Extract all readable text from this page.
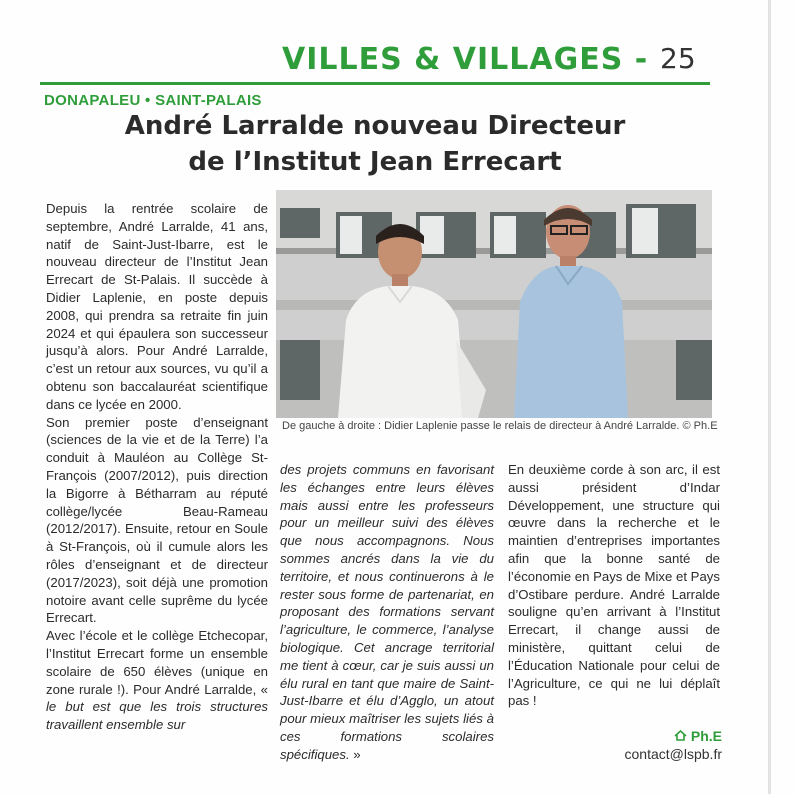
VILLES & VILLAGES - 25
DONAPALEU • SAINT-PALAIS
André Larralde nouveau Directeur
de l’Institut Jean Errecart

Depuis la rentrée scolaire de septembre, André Larralde, 41 ans, natif de Saint-Just-Ibarre, est le nouveau directeur de l’Institut Jean Errecart de St-Palais. Il succède à Didier Laplenie, en poste depuis 2008, qui prendra sa retraite fin juin 2024 et qui épaulera son successeur jusqu’à alors. Pour André Larralde, c’est un retour aux sources, vu qu’il a obtenu son baccalauréat scientifique dans ce lycée en 2000.

Son premier poste d’enseignant (sciences de la vie et de la Terre) l’a conduit à Mauléon au Collège St-François (2007/2012), puis direction la Bigorre à Bétharram au réputé collège/lycée Beau-Rameau (2012/2017). Ensuite, retour en Soule à St-François, où il cumule alors les rôles d’enseignant et de directeur (2017/2023), soit déjà une promotion notoire avant celle suprême du lycée Errecart.

Avec l’école et le collège Etchecopar, l’Institut Errecart forme un ensemble scolaire de 650 élèves (unique en zone rurale !). Pour André Larralde, « le but est que les trois structures travaillent ensemble sur

De gauche à droite : Didier Laplenie passe le relais de directeur à André Larralde. © Ph.E

des projets communs en favorisant les échanges entre leurs élèves mais aussi entre les professeurs pour un meilleur suivi des élèves que nous accompagnons. Nous sommes ancrés dans la vie du territoire, et nous continuerons à le rester sous forme de partenariat, en proposant des formations servant l’agriculture, le commerce, l’analyse biologique. Cet ancrage territorial me tient à cœur, car je suis aussi un élu rural en tant que maire de Saint-Just-Ibarre et élu d’Agglo, un atout pour mieux maîtriser les sujets liés à ces formations scolaires spécifiques. »

En deuxième corde à son arc, il est aussi président d’Indar Développement, une structure qui œuvre dans la recherche et le maintien d’entreprises importantes afin que la bonne santé de l’économie en Pays de Mixe et Pays d’Ostibare perdure. André Larralde souligne qu’en arrivant à l’Institut Errecart, il change aussi de ministère, quittant celui de l’Éducation Nationale pour celui de l’Agriculture, ce qui ne lui déplaît pas !

Ph.E
contact@lspb.fr
